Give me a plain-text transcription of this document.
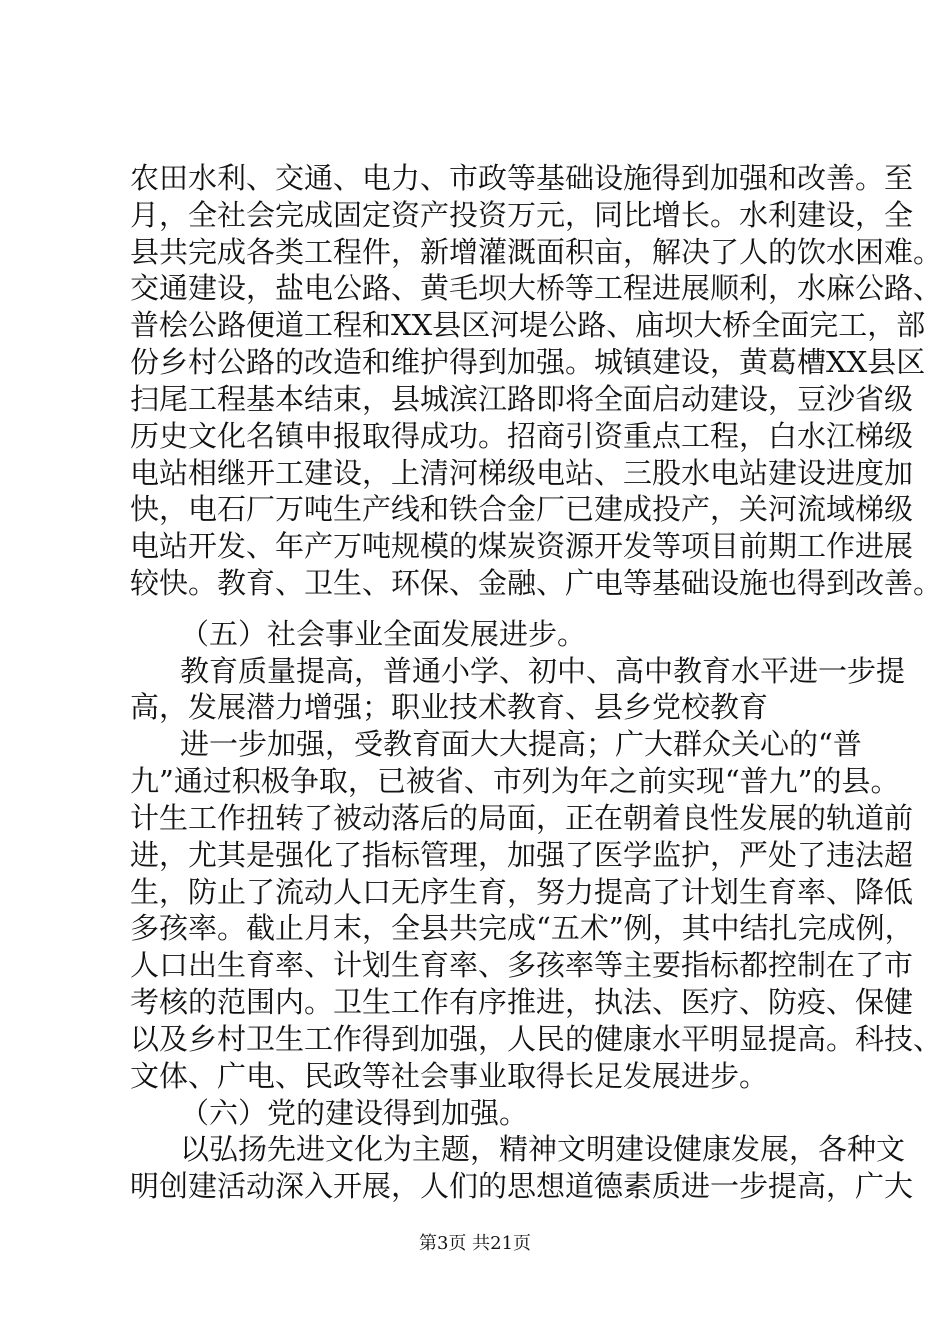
农田水利、交通、电力、市政等基础设施得到加强和改善。至
月，全社会完成固定资产投资万元，同比增长。水利建设，全
县共完成各类工程件，新增灌溉面积亩，解决了人的饮水困难。
交通建设，盐电公路、黄毛坝大桥等工程进展顺利，水麻公路、
普桧公路便道工程和XX县区河堤公路、庙坝大桥全面完工，部
份乡村公路的改造和维护得到加强。城镇建设，黄葛槽XX县区
扫尾工程基本结束，县城滨江路即将全面启动建设，豆沙省级
历史文化名镇申报取得成功。招商引资重点工程，白水江梯级
电站相继开工建设，上清河梯级电站、三股水电站建设进度加
快，电石厂万吨生产线和铁合金厂已建成投产，关河流域梯级
电站开发、年产万吨规模的煤炭资源开发等项目前期工作进展
较快。教育、卫生、环保、金融、广电等基础设施也得到改善。
（五）社会事业全面发展进步。
教育质量提高，普通小学、初中、高中教育水平进一步提
高，发展潜力增强；职业技术教育、县乡党校教育
进一步加强，受教育面大大提高；广大群众关心的“普
九”通过积极争取，已被省、市列为年之前实现“普九”的县。
计生工作扭转了被动落后的局面，正在朝着良性发展的轨道前
进，尤其是强化了指标管理，加强了医学监护，严处了违法超
生，防止了流动人口无序生育，努力提高了计划生育率、降低
多孩率。截止月末，全县共完成“五术”例，其中结扎完成例，
人口出生育率、计划生育率、多孩率等主要指标都控制在了市
考核的范围内。卫生工作有序推进，执法、医疗、防疫、保健
以及乡村卫生工作得到加强，人民的健康水平明显提高。科技、
文体、广电、民政等社会事业取得长足发展进步。
（六）党的建设得到加强。
以弘扬先进文化为主题，精神文明建设健康发展，各种文
明创建活动深入开展，人们的思想道德素质进一步提高，广大
第3页 共21页
